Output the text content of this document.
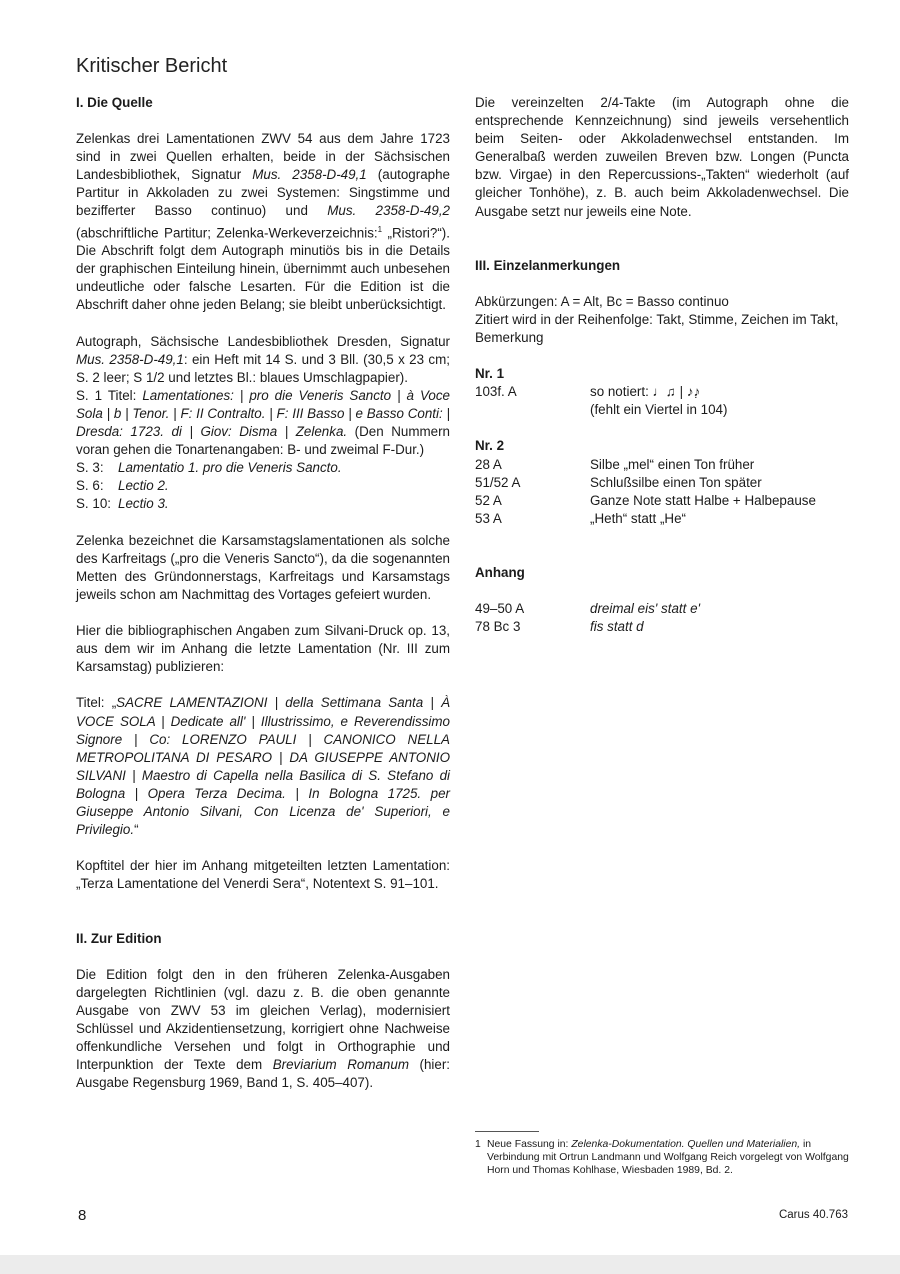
Kritischer Bericht
I. Die Quelle

Zelenkas drei Lamentationen ZWV 54 aus dem Jahre 1723 sind in zwei Quellen erhalten, beide in der Sächsischen Landesbibliothek, Signatur Mus. 2358-D-49,1 (autographe Partitur in Akkoladen zu zwei Systemen: Singstimme und bezifferter Basso continuo) und Mus. 2358-D-49,2 (abschriftliche Partitur; Zelenka-Werkeverzeichnis:$^1$ „Ristori?“). Die Abschrift folgt dem Autograph minutiös bis in die Details der graphischen Einteilung hinein, übernimmt auch unbesehen undeutliche oder falsche Lesarten. Für die Edition ist die Abschrift daher ohne jeden Belang; sie bleibt unberücksichtigt.

Autograph, Sächsische Landesbibliothek Dresden, Signatur Mus. 2358-D-49,1: ein Heft mit 14 S. und 3 Bll. (30,5 x 23 cm; S. 2 leer; S 1/2 und letztes Bl.: blaues Umschlagpapier).
S. 1 Titel: Lamentationes: | pro die Veneris Sancto | à Voce Sola | b | Tenor. | F: II Contralto. | F: III Basso | e Basso Conti: | Dresda: 1723. di | Giov: Disma | Zelenka. (Den Nummern voran gehen die Tonartenangaben: B- und zweimal F-Dur.)

S. 3: Lamentatio 1. pro die Veneris Sancto.
S. 6: Lectio 2.
S. 10: Lectio 3.

Zelenka bezeichnet die Karsamstagslamentationen als solche des Karfreitags („pro die Veneris Sancto“), da die sogenannten Metten des Gründonnerstags, Karfreitags und Karsamstags jeweils schon am Nachmittag des Vortages gefeiert wurden.

Hier die bibliographischen Angaben zum Silvani-Druck op. 13, aus dem wir im Anhang die letzte Lamentation (Nr. III zum Karsamstag) publizieren:

Titel: „SACRE LAMENTAZIONI | della Settimana Santa | À VOCE SOLA | Dedicate all' | Illustrissimo, e Reverendissimo Signore | Co: LORENZO PAULI | CANONICO NELLA METROPOLITANA DI PESARO | DA GIUSEPPE ANTONIO SILVANI | Maestro di Capella nella Basilica di S. Stefano di Bologna | Opera Terza Decima. | In Bologna 1725. per Giuseppe Antonio Silvani, Con Licenza de' Superiori, e Privilegio.“

Kopftitel der hier im Anhang mitgeteilten letzten Lamentation: „Terza Lamentatione del Venerdi Sera“, Notentext S. 91–101.

II. Zur Edition

Die Edition folgt den in den früheren Zelenka-Ausgaben dargelegten Richtlinien (vgl. dazu z. B. die oben genannte Ausgabe von ZWV 53 im gleichen Verlag), modernisiert Schlüssel und Akzidentiensetzung, korrigiert ohne Nachweise offenkundliche Versehen und folgt in Orthographie und Interpunktion der Texte dem Breviarium Romanum (hier: Ausgabe Regensburg 1969, Band 1, S. 405–407).

Die vereinzelten 2/4-Takte (im Autograph ohne die entsprechende Kennzeichnung) sind jeweils versehentlich beim Seiten- oder Akkoladenwechsel entstanden. Im Generalbaß werden zuweilen Breven bzw. Longen (Puncta bzw. Virgae) in den Repercussions-„Takten“ wiederholt (auf gleicher Tonhöhe), z. B. auch beim Akkoladenwechsel. Die Ausgabe setzt nur jeweils eine Note.

III. Einzelanmerkungen

Abkürzungen: A = Alt, Bc = Basso continuo
Zitiert wird in der Reihenfolge: Takt, Stimme, Zeichen im Takt, Bemerkung

Nr. 1
103f. A	so notiert: ♩♫ | ♪♪̣
(fehlt ein Viertel in 104)
Nr. 2
28 A	Silbe „mel“ einen Ton früher
51/52 A	Schlußsilbe einen Ton später
52 A	Ganze Note statt Halbe + Halbepause
53 A	„Heth“ statt „He“
Anhang
49–50 A	dreimal eis' statt e'
78 Bc 3	fis statt d
1 Neue Fassung in: Zelenka-Dokumentation. Quellen und Materialien, in Verbindung mit Ortrun Landmann und Wolfgang Reich vorgelegt von Wolfgang Horn und Thomas Kohlhase, Wiesbaden 1989, Bd. 2.
8	Carus 40.763
